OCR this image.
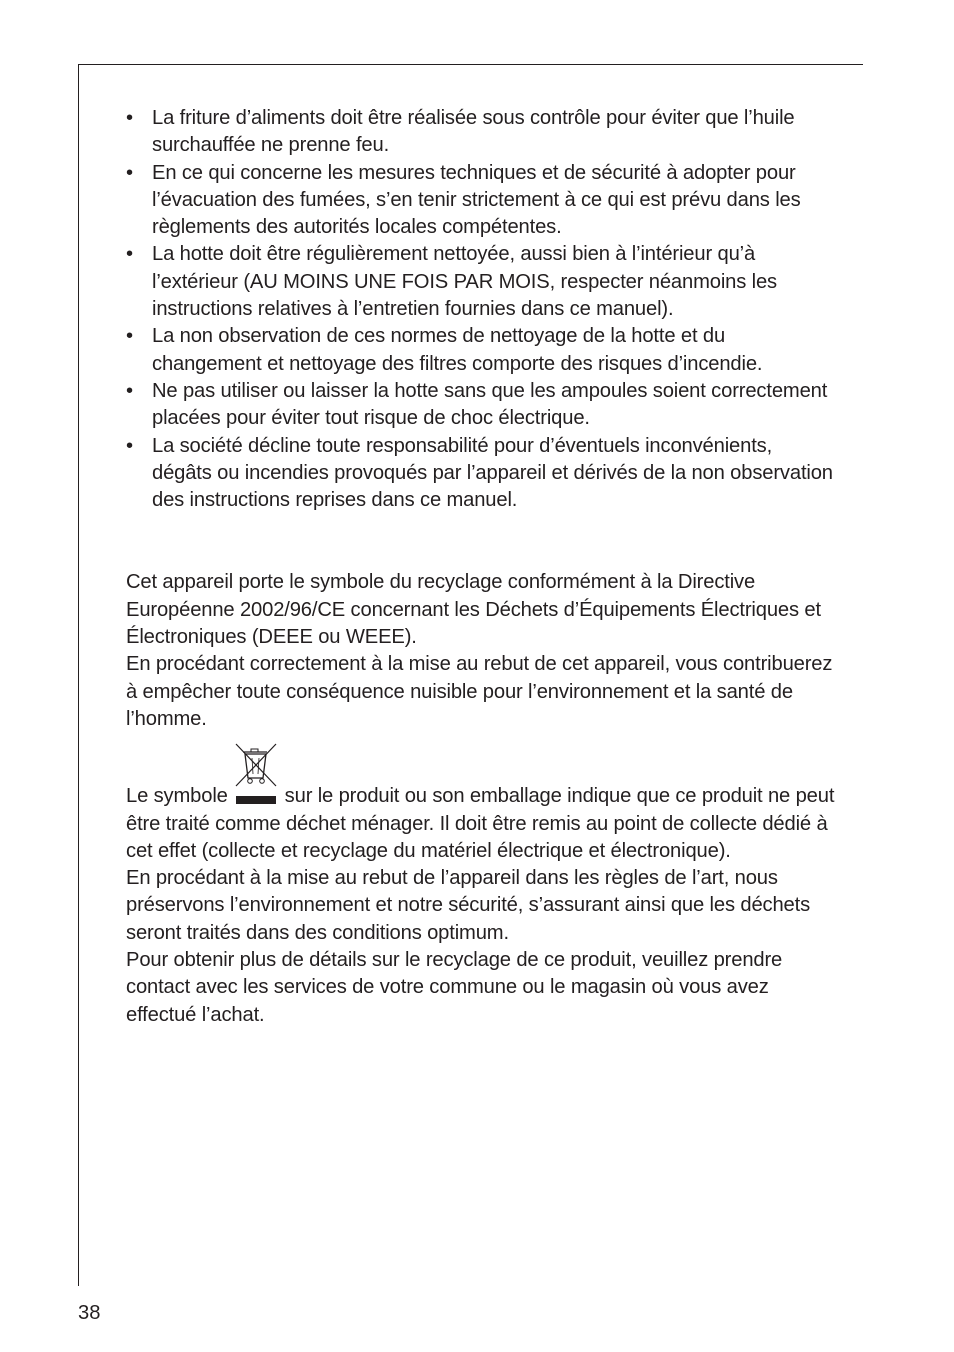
• La friture d’aliments doit être réalisée sous contrôle pour éviter que l’huile surchauffée ne prenne feu.
• En ce qui concerne les mesures techniques et de sécurité à adopter pour l’évacuation des fumées, s’en tenir strictement à ce qui est prévu dans les règlements des autorités locales compétentes.
• La hotte doit être régulièrement nettoyée, aussi bien à l’intérieur qu’à l’extérieur (AU MOINS UNE FOIS PAR MOIS, respecter néanmoins les instructions relatives à l’entretien fournies dans ce manuel).
• La non observation de ces normes de nettoyage de la hotte et du changement et nettoyage des filtres comporte des risques d’incendie.
• Ne pas utiliser ou laisser la hotte sans que les ampoules soient correctement placées pour éviter tout risque de choc électrique.
• La société décline toute responsabilité pour d’éventuels inconvénients, dégâts ou incendies provoqués par l’appareil et dérivés de la non observation des instructions reprises dans ce manuel.

Cet appareil porte le symbole du recyclage conformément à la Directive Européenne 2002/96/CE concernant les Déchets d’Équipements Électriques et Électroniques (DEEE ou WEEE).

En procédant correctement à la mise au rebut de cet appareil, vous contribuerez à empêcher toute conséquence nuisible pour l’environnement et la santé de l’homme.

Le symbole	sur le produit ou son emballage indique que ce produit ne peut être traité comme déchet ménager. Il doit être remis au point de collecte dédié à cet effet (collecte et recyclage du matériel électrique et électronique).

En procédant à la mise au rebut de l’appareil dans les règles de l’art, nous préservons l’environnement et notre sécurité, s’assurant ainsi que les déchets seront traités dans des conditions optimum.

Pour obtenir plus de détails sur le recyclage de ce produit, veuillez prendre contact avec les services de votre commune ou le magasin où vous avez effectué l’achat.

38
